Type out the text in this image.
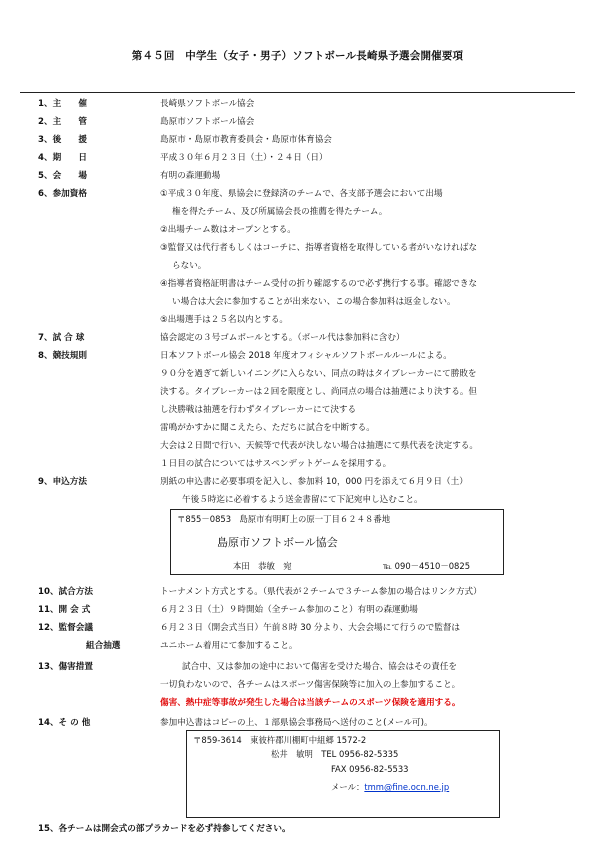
第４５回　中学生（女子・男子）ソフトボール長崎県予選会開催要項
1、主　　催	長崎県ソフトボール協会
2、主　　管	島原市ソフトボール協会
3、後　　援	島原市・島原市教育委員会・島原市体育協会
4、期　　日	平成３０年６月２３日（土）・２４日（日）
5、会　　場	有明の森運動場
6、参加資格	①平成３０年度、県協会に登録済のチームで、各支部予選会において出場
権を得たチーム、及び所属協会長の推薦を得たチーム。
②出場チーム数はオープンとする。
③監督又は代行者もしくはコーチに、指導者資格を取得している者がいなければな
らない。
④指導者資格証明書はチーム受付の折り確認するので必ず携行する事。確認できな
い場合は大会に参加することが出来ない、この場合参加料は返金しない。
⑤出場選手は２５名以内とする。
7、試 合 球	協会認定の３号ゴムボールとする。（ボール代は参加料に含む）
8、競技規則	日本ソフトボール協会 2018 年度オフィシャルソフトボールルールによる。
９０分を過ぎて新しいイニングに入らない、同点の時はタイブレーカーにて勝敗を
決する。タイブレーカーは２回を限度とし、尚同点の場合は抽選により決する。但
し決勝戦は抽選を行わずタイブレーカーにて決する
雷鳴がかすかに聞こえたら、ただちに試合を中断する。
大会は２日間で行い、天候等で代表が決しない場合は抽選にて県代表を決定する。
１日目の試合についてはサスペンデットゲームを採用する。
9、申込方法	別紙の申込書に必要事項を記入し、参加料 10，000 円を添えて６月９日（土）
午後５時迄に必着するよう送金書留にて下記宛申し込むこと。
〒855－0853　島原市有明町上の原一丁目６２４８番地
島原市ソフトボール協会
本田　恭敏　宛	℡ 090－4510－0825
10、試合方法	トーナメント方式とする。（県代表が２チームで３チーム参加の場合はリンク方式）
11、開 会 式	６月２３日（土）９時開始（全チーム参加のこと）有明の森運動場
12、監督会議	６月２３日（開会式当日）午前８時 30 分より、大会会場にて行うので監督は
組合抽選	ユニホーム着用にて参加すること。
13、傷害措置	試合中、又は参加の途中において傷害を受けた場合、協会はその責任を
一切負わないので、各チームはスポーツ傷害保険等に加入の上参加すること。
傷害、熱中症等事故が発生した場合は当該チームのスポーツ保険を適用する。
14、そ の 他	参加申込書はコピーの上、１部県協会事務局へ送付のこと(メール可)。
〒859-3614　東彼杵郡川棚町中組郷 1572-2
松井　敏明　TEL 0956-82-5335
FAX 0956-82-5533
メール：tmm@fine.ocn.ne.jp
15、各チームは開会式の部プラカードを必ず持参してください。
